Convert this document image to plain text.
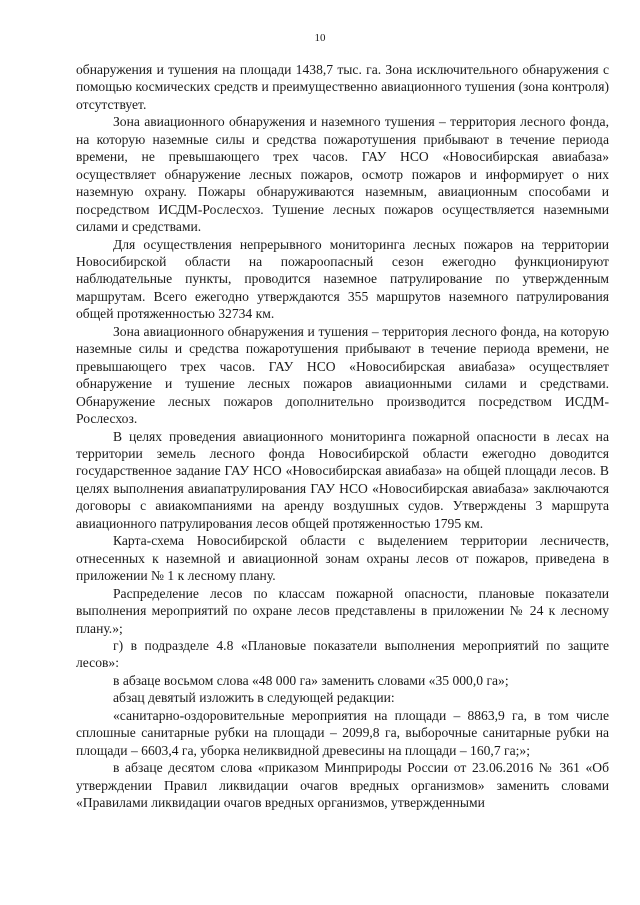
10

обнаружения и тушения на площади 1438,7 тыс. га. Зона исключительного обнаружения с помощью космических средств и преимущественно авиационного тушения (зона контроля) отсутствует.

Зона авиационного обнаружения и наземного тушения – территория лесного фонда, на которую наземные силы и средства пожаротушения прибывают в течение периода времени, не превышающего трех часов. ГАУ НСО «Новосибирская авиабаза» осуществляет обнаружение лесных пожаров, осмотр пожаров и информирует о них наземную охрану. Пожары обнаруживаются наземным, авиационным способами и посредством ИСДМ-Рослесхоз. Тушение лесных пожаров осуществляется наземными силами и средствами.

Для осуществления непрерывного мониторинга лесных пожаров на территории Новосибирской области на пожароопасный сезон ежегодно функционируют наблюдательные пункты, проводится наземное патрулирование по утвержденным маршрутам. Всего ежегодно утверждаются 355 маршрутов наземного патрулирования общей протяженностью 32734 км.

Зона авиационного обнаружения и тушения – территория лесного фонда, на которую наземные силы и средства пожаротушения прибывают в течение периода времени, не превышающего трех часов. ГАУ НСО «Новосибирская авиабаза» осуществляет обнаружение и тушение лесных пожаров авиационными силами и средствами. Обнаружение лесных пожаров дополнительно производится посредством ИСДМ-Рослесхоз.

В целях проведения авиационного мониторинга пожарной опасности в лесах на территории земель лесного фонда Новосибирской области ежегодно доводится государственное задание ГАУ НСО «Новосибирская авиабаза» на общей площади лесов. В целях выполнения авиапатрулирования ГАУ НСО «Новосибирская авиабаза» заключаются договоры с авиакомпаниями на аренду воздушных судов. Утверждены 3 маршрута авиационного патрулирования лесов общей протяженностью 1795 км.

Карта-схема Новосибирской области с выделением территории лесничеств, отнесенных к наземной и авиационной зонам охраны лесов от пожаров, приведена в приложении № 1 к лесному плану.

Распределение лесов по классам пожарной опасности, плановые показатели выполнения мероприятий по охране лесов представлены в приложении № 24 к лесному плану.»;

г) в подразделе 4.8 «Плановые показатели выполнения мероприятий по защите лесов»:

в абзаце восьмом слова «48 000 га» заменить словами «35 000,0 га»;

абзац девятый изложить в следующей редакции:

«санитарно-оздоровительные мероприятия на площади – 8863,9 га, в том числе сплошные санитарные рубки на площади – 2099,8 га, выборочные санитарные рубки на площади – 6603,4 га, уборка неликвидной древесины на площади – 160,7 га;»;

в абзаце десятом слова «приказом Минприроды России от 23.06.2016 № 361 «Об утверждении Правил ликвидации очагов вредных организмов» заменить словами «Правилами ликвидации очагов вредных организмов, утвержденными
